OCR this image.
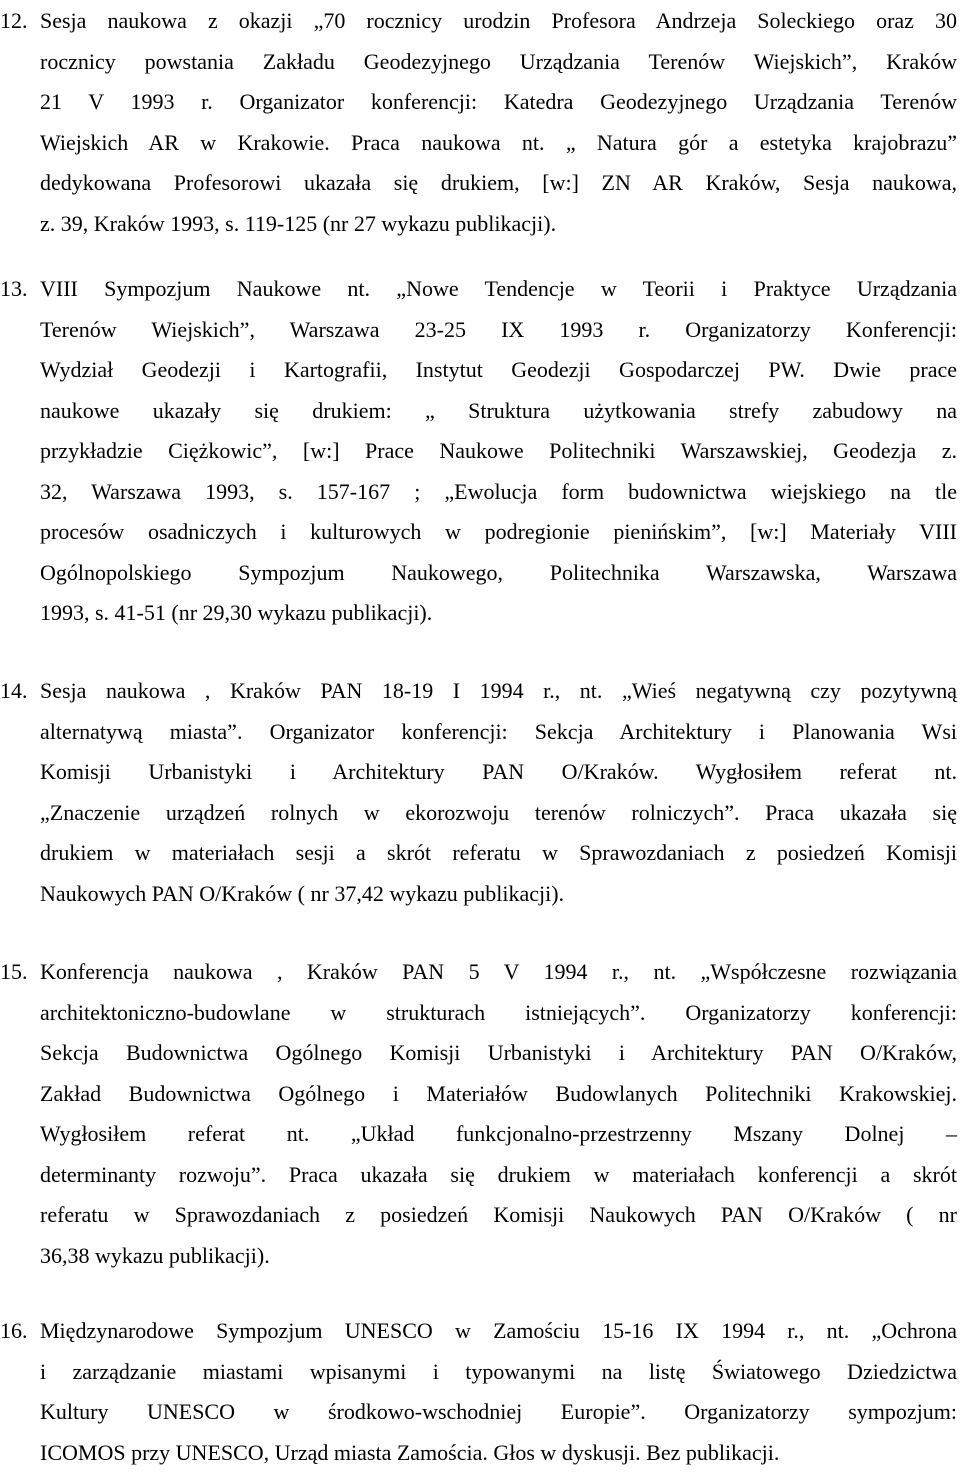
12. Sesja naukowa z okazji „70 rocznicy urodzin Profesora Andrzeja Soleckiego oraz 30
rocznicy powstania Zakładu Geodezyjnego Urządzania Terenów Wiejskich”, Kraków
21 V 1993 r. Organizator konferencji: Katedra Geodezyjnego Urządzania Terenów
Wiejskich AR w Krakowie. Praca naukowa nt. „ Natura gór a estetyka krajobrazu”
dedykowana Profesorowi ukazała się drukiem, [w:] ZN AR Kraków, Sesja naukowa,
z. 39, Kraków 1993, s. 119-125 (nr 27 wykazu publikacji).
13. VIII Sympozjum Naukowe nt. „Nowe Tendencje w Teorii i Praktyce Urządzania
Terenów Wiejskich”, Warszawa 23-25 IX 1993 r. Organizatorzy Konferencji:
Wydział Geodezji i Kartografii, Instytut Geodezji Gospodarczej PW. Dwie prace
naukowe ukazały się drukiem: „ Struktura użytkowania strefy zabudowy na
przykładzie Ciężkowic”, [w:] Prace Naukowe Politechniki Warszawskiej, Geodezja z.
32, Warszawa 1993, s. 157-167 ; „Ewolucja form budownictwa wiejskiego na tle
procesów osadniczych i kulturowych w podregionie pienińskim”, [w:] Materiały VIII
Ogólnopolskiego Sympozjum Naukowego, Politechnika Warszawska, Warszawa
1993, s. 41-51 (nr 29,30 wykazu publikacji).
14. Sesja naukowa , Kraków PAN 18-19 I 1994 r., nt. „Wieś negatywną czy pozytywną
alternatywą miasta”. Organizator konferencji: Sekcja Architektury i Planowania Wsi
Komisji Urbanistyki i Architektury PAN O/Kraków. Wygłosiłem referat nt.
„Znaczenie urządzeń rolnych w ekorozwoju terenów rolniczych”. Praca ukazała się
drukiem w materiałach sesji a skrót referatu w Sprawozdaniach z posiedzeń Komisji
Naukowych PAN O/Kraków ( nr 37,42 wykazu publikacji).
15. Konferencja naukowa , Kraków PAN 5 V 1994 r., nt. „Współczesne rozwiązania
architektoniczno-budowlane w strukturach istniejących”. Organizatorzy konferencji:
Sekcja Budownictwa Ogólnego Komisji Urbanistyki i Architektury PAN O/Kraków,
Zakład Budownictwa Ogólnego i Materiałów Budowlanych Politechniki Krakowskiej.
Wygłosiłem referat nt. „Układ funkcjonalno-przestrzenny Mszany Dolnej –
determinanty rozwoju”. Praca ukazała się drukiem w materiałach konferencji a skrót
referatu w Sprawozdaniach z posiedzeń Komisji Naukowych PAN O/Kraków ( nr
36,38 wykazu publikacji).
16. Międzynarodowe Sympozjum UNESCO w Zamościu 15-16 IX 1994 r., nt. „Ochrona
i zarządzanie miastami wpisanymi i typowanymi na listę Światowego Dziedzictwa
Kultury UNESCO w środkowo-wschodniej Europie”. Organizatorzy sympozjum:
ICOMOS przy UNESCO, Urząd miasta Zamościa. Głos w dyskusji. Bez publikacji.
